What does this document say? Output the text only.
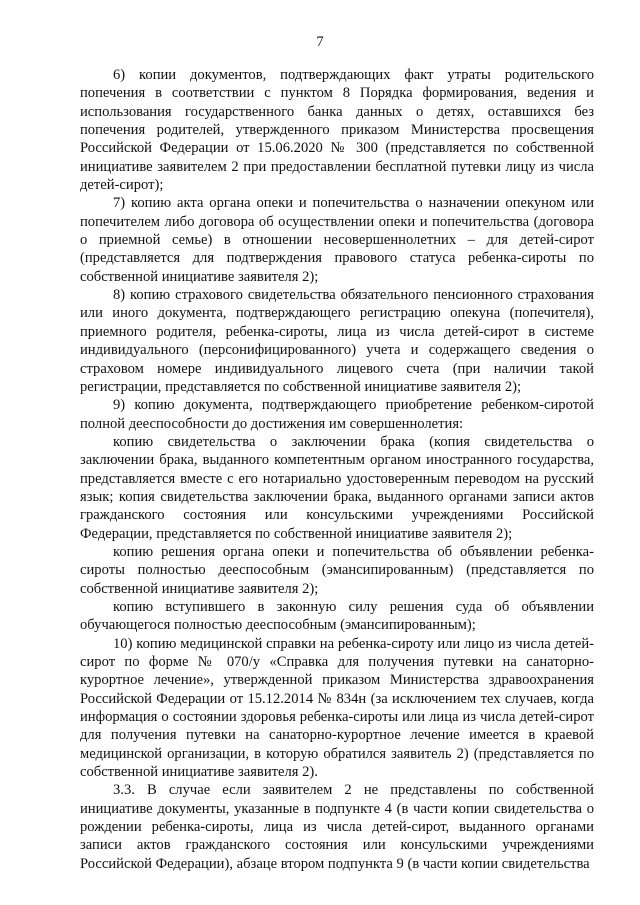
7

6) копии документов, подтверждающих факт утраты родительского попечения в соответствии с пунктом 8 Порядка формирования, ведения и использования государственного банка данных о детях, оставшихся без попечения родителей, утвержденного приказом Министерства просвещения Российской Федерации от 15.06.2020 № 300 (представляется по собственной инициативе заявителем 2 при предоставлении бесплатной путевки лицу из числа детей-сирот);

7) копию акта органа опеки и попечительства о назначении опекуном или попечителем либо договора об осуществлении опеки и попечительства (договора о приемной семье) в отношении несовершеннолетних – для детей-сирот (представляется для подтверждения правового статуса ребенка-сироты по собственной инициативе заявителя 2);

8) копию страхового свидетельства обязательного пенсионного страхования или иного документа, подтверждающего регистрацию опекуна (попечителя), приемного родителя, ребенка-сироты, лица из числа детей-сирот в системе индивидуального (персонифицированного) учета и содержащего сведения о страховом номере индивидуального лицевого счета (при наличии такой регистрации, представляется по собственной инициативе заявителя 2);

9) копию документа, подтверждающего приобретение ребенком-сиротой полной дееспособности до достижения им совершеннолетия:

копию свидетельства о заключении брака (копия свидетельства о заключении брака, выданного компетентным органом иностранного государства, представляется вместе с его нотариально удостоверенным переводом на русский язык; копия свидетельства заключении брака, выданного органами записи актов гражданского состояния или консульскими учреждениями Российской Федерации, представляется по собственной инициативе заявителя 2);

копию решения органа опеки и попечительства об объявлении ребенка-сироты полностью дееспособным (эмансипированным) (представляется по собственной инициативе заявителя 2);

копию вступившего в законную силу решения суда об объявлении обучающегося полностью дееспособным (эмансипированным);

10) копию медицинской справки на ребенка-сироту или лицо из числа детей-сирот по форме № 070/у «Справка для получения путевки на санаторно-курортное лечение», утвержденной приказом Министерства здравоохранения Российской Федерации от 15.12.2014 № 834н (за исключением тех случаев, когда информация о состоянии здоровья ребенка-сироты или лица из числа детей-сирот для получения путевки на санаторно-курортное лечение имеется в краевой медицинской организации, в которую обратился заявитель 2) (представляется по собственной инициативе заявителя 2).

3.3. В случае если заявителем 2 не представлены по собственной инициативе документы, указанные в подпункте 4 (в части копии свидетельства о рождении ребенка-сироты, лица из числа детей-сирот, выданного органами записи актов гражданского состояния или консульскими учреждениями Российской Федерации), абзаце втором подпункта 9 (в части копии свидетельства
